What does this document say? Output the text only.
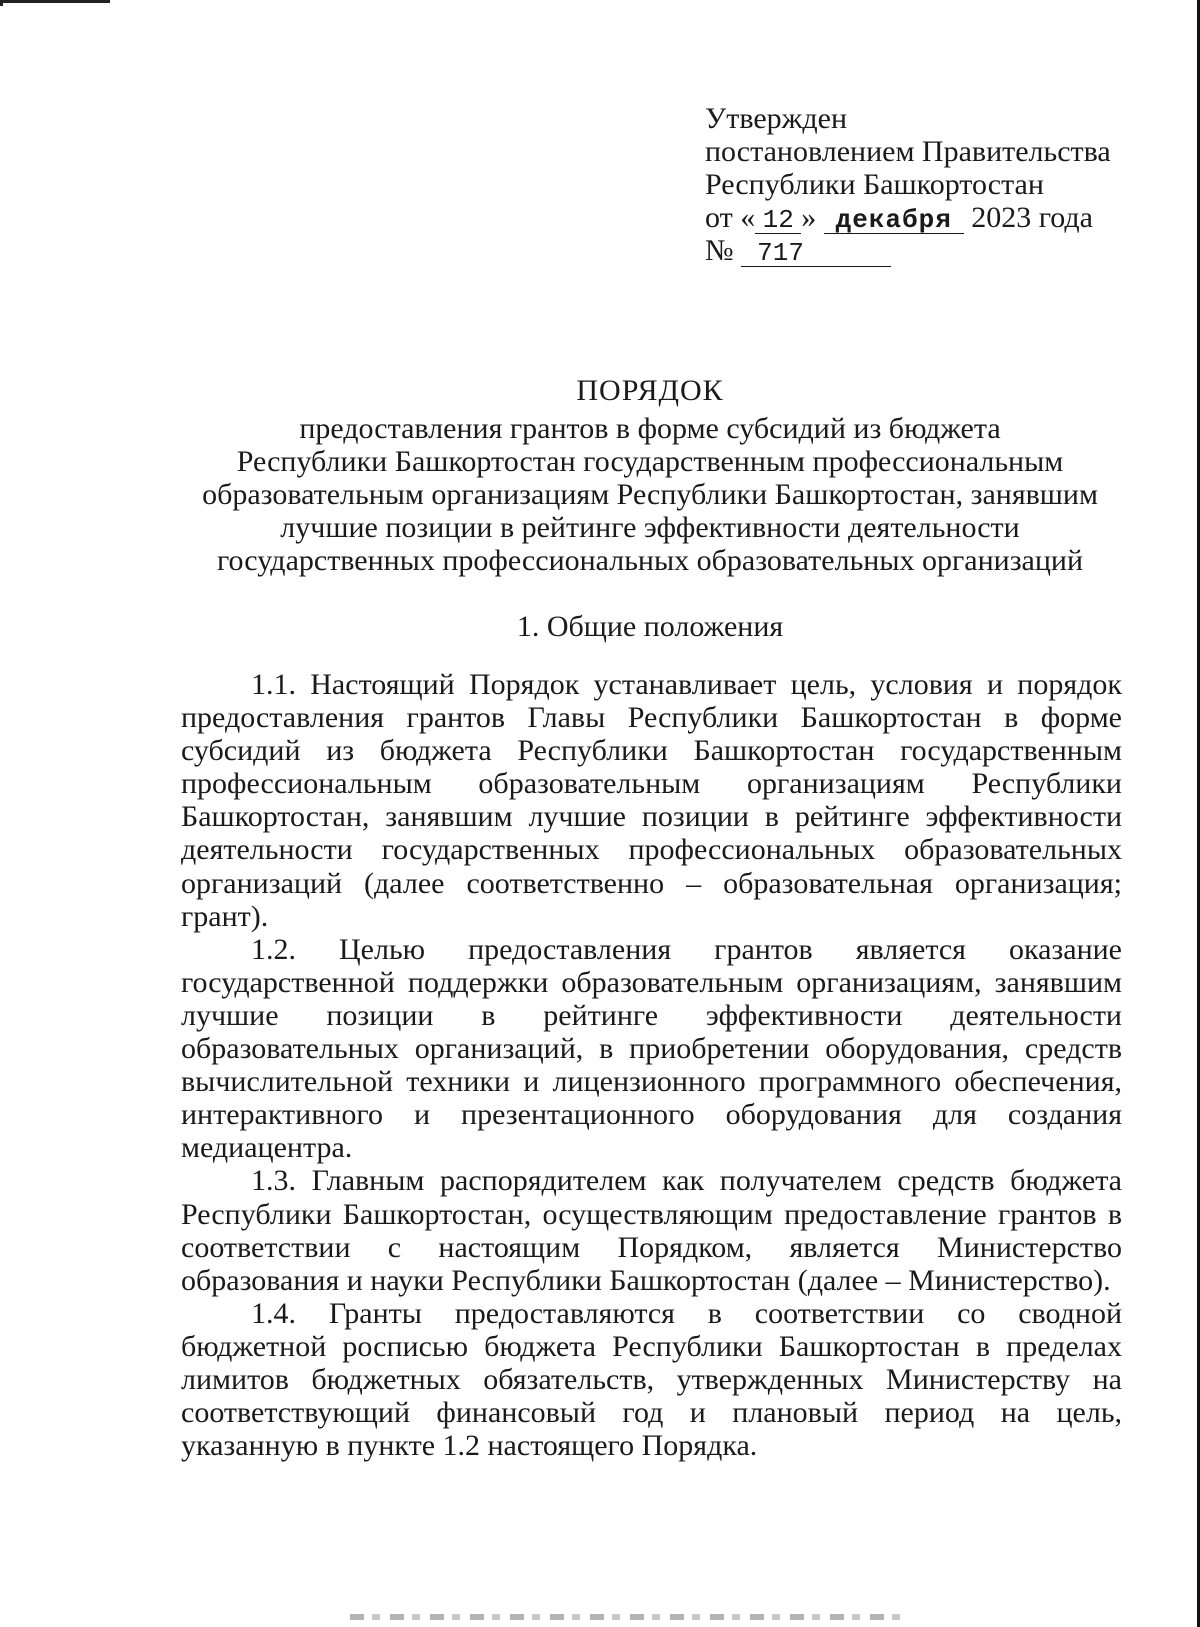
Утвержден
постановлением Правительства
Республики Башкортостан
от « 12 » декабря 2023 года
№ 717
ПОРЯДОК
предоставления грантов в форме субсидий из бюджета
Республики Башкортостан государственным профессиональным
образовательным организациям Республики Башкортостан, занявшим
лучшие позиции в рейтинге эффективности деятельности
государственных профессиональных образовательных организаций
1. Общие положения

1.1. Настоящий Порядок устанавливает цель, условия и порядок предоставления грантов Главы Республики Башкортостан в форме субсидий из бюджета Республики Башкортостан государственным профессиональным образовательным организациям Республики Башкортостан, занявшим лучшие позиции в рейтинге эффективности деятельности государственных профессиональных образовательных организаций (далее соответственно – образовательная организация; грант).

1.2. Целью предоставления грантов является оказание государственной поддержки образовательным организациям, занявшим лучшие позиции в рейтинге эффективности деятельности образовательных организаций, в приобретении оборудования, средств вычислительной техники и лицензионного программного обеспечения, интерактивного и презентационного оборудования для создания медиацентра.

1.3. Главным распорядителем как получателем средств бюджета Республики Башкортостан, осуществляющим предоставление грантов в соответствии с настоящим Порядком, является Министерство образования и науки Республики Башкортостан (далее – Министерство).

1.4. Гранты предоставляются в соответствии со сводной бюджетной росписью бюджета Республики Башкортостан в пределах лимитов бюджетных обязательств, утвержденных Министерству на соответствующий финансовый год и плановый период на цель, указанную в пункте 1.2 настоящего Порядка.
